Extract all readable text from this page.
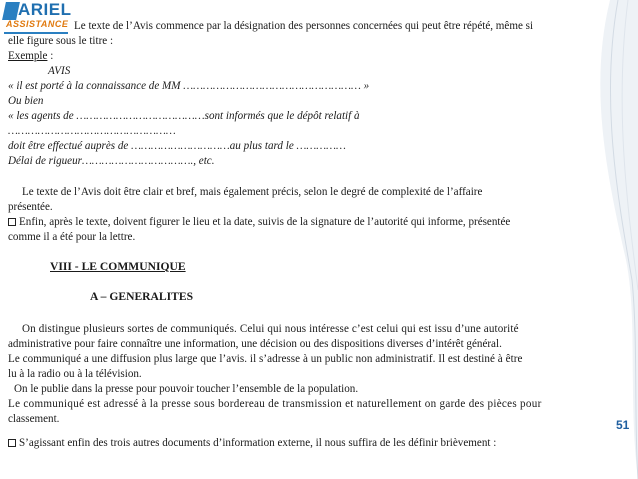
ARIEL
ASSISTANCE Le texte de l’Avis commence par la désignation des personnes concernées qui peut être répété, même si
elle figure sous le titre :
Exemple :
AVIS
« il est porté à la connaissance de MM ……………………………………………… »
Ou bien
« les agents de …………………………………sont informés que le dépôt relatif à
……………………………………………
doit être effectué auprès de …………………………au plus tard le ……………
Délai de rigueur……………………………., etc.
Le texte de l’Avis doit être clair et bref, mais également précis, selon le degré de complexité de l’affaire
présentée.
Enfin, après le texte, doivent figurer le lieu et la date, suivis de la signature de l’autorité qui informe, présentée
comme il a été pour la lettre.
VIII - LE COMMUNIQUE
A – GENERALITES
On distingue plusieurs sortes de communiqués. Celui qui nous intéresse c’est celui qui est issu d’une autorité
administrative pour faire connaître une information, une décision ou des dispositions diverses d’intérêt général.
Le communiqué a une diffusion plus large que l’avis. il s’adresse à un public non administratif. Il est destiné à être
lu à la radio ou à la télévision.
On le publie dans la presse pour pouvoir toucher l’ensemble de la population.
Le communiqué est adressé à la presse sous bordereau de transmission et naturellement on garde des pièces pour
classement.
S’agissant enfin des trois autres documents d’information externe, il nous suffira de les définir brièvement :
51
